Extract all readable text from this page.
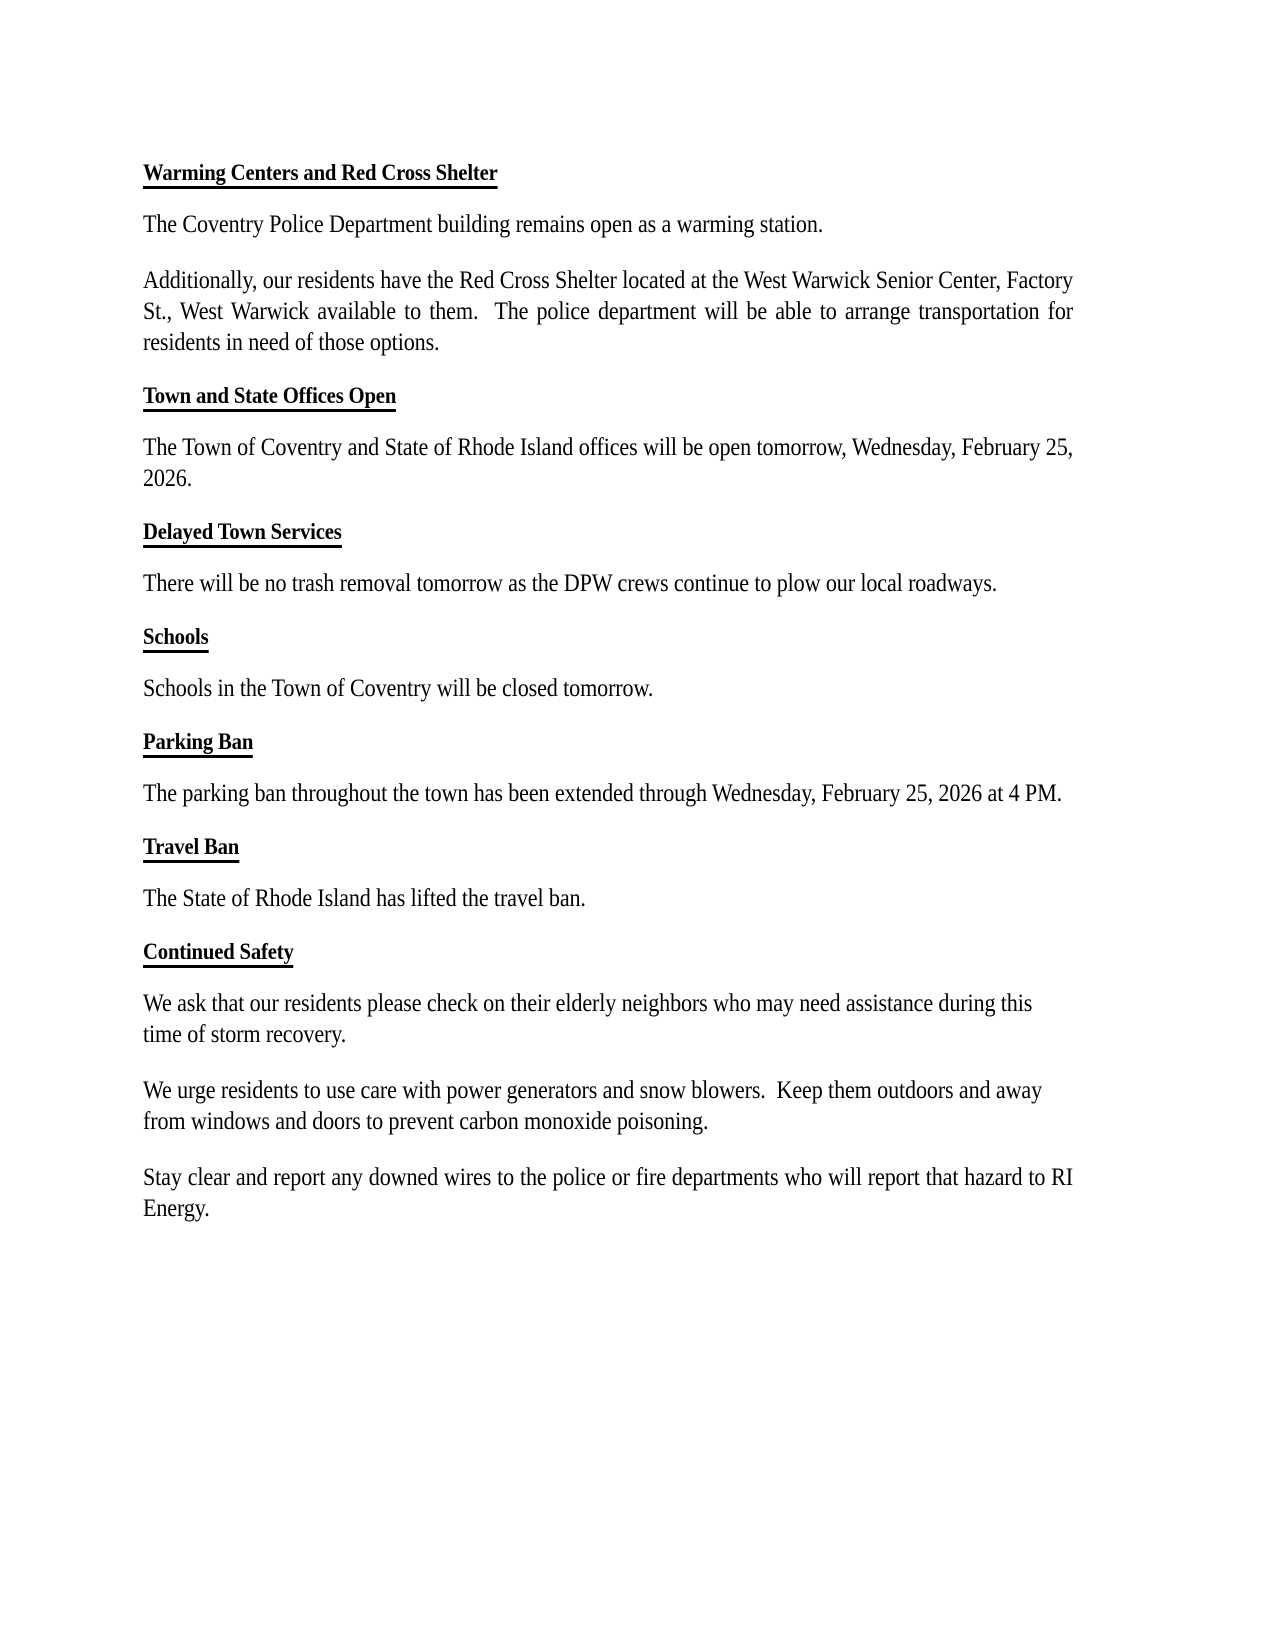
Warming Centers and Red Cross Shelter

The Coventry Police Department building remains open as a warming station.

Additionally, our residents have the Red Cross Shelter located at the West Warwick Senior Center, Factory St., West Warwick available to them.  The police department will be able to arrange transportation for residents in need of those options.

Town and State Offices Open

The Town of Coventry and State of Rhode Island offices will be open tomorrow, Wednesday, February 25, 2026.

Delayed Town Services

There will be no trash removal tomorrow as the DPW crews continue to plow our local roadways.

Schools

Schools in the Town of Coventry will be closed tomorrow.

Parking Ban

The parking ban throughout the town has been extended through Wednesday, February 25, 2026 at 4 PM.

Travel Ban

The State of Rhode Island has lifted the travel ban.

Continued Safety

We ask that our residents please check on their elderly neighbors who may need assistance during this time of storm recovery.

We urge residents to use care with power generators and snow blowers.  Keep them outdoors and away from windows and doors to prevent carbon monoxide poisoning.

Stay clear and report any downed wires to the police or fire departments who will report that hazard to RI Energy.
